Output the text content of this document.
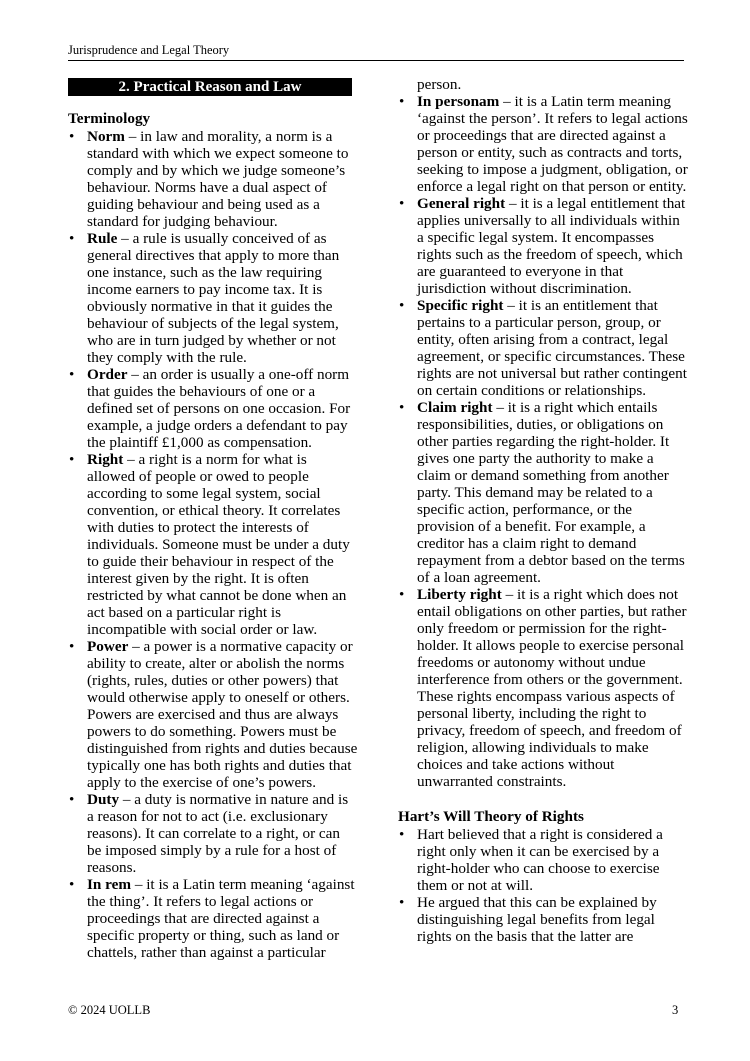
Jurisprudence and Legal Theory
2. Practical Reason and Law
Terminology
• Norm – in law and morality, a norm is a standard with which we expect someone to comply and by which we judge someone’s behaviour. Norms have a dual aspect of guiding behaviour and being used as a standard for judging behaviour.
• Rule – a rule is usually conceived of as general directives that apply to more than one instance, such as the law requiring income earners to pay income tax. It is obviously normative in that it guides the behaviour of subjects of the legal system, who are in turn judged by whether or not they comply with the rule.
• Order – an order is usually a one-off norm that guides the behaviours of one or a defined set of persons on one occasion. For example, a judge orders a defendant to pay the plaintiff £1,000 as compensation.
• Right – a right is a norm for what is allowed of people or owed to people according to some legal system, social convention, or ethical theory. It correlates with duties to protect the interests of individuals. Someone must be under a duty to guide their behaviour in respect of the interest given by the right. It is often restricted by what cannot be done when an act based on a particular right is incompatible with social order or law.
• Power – a power is a normative capacity or ability to create, alter or abolish the norms (rights, rules, duties or other powers) that would otherwise apply to oneself or others. Powers are exercised and thus are always powers to do something. Powers must be distinguished from rights and duties because typically one has both rights and duties that apply to the exercise of one’s powers.
• Duty – a duty is normative in nature and is a reason for not to act (i.e. exclusionary reasons). It can correlate to a right, or can be imposed simply by a rule for a host of reasons.
• In rem – it is a Latin term meaning ‘against the thing’. It refers to legal actions or proceedings that are directed against a specific property or thing, such as land or chattels, rather than against a particular
person.
• In personam – it is a Latin term meaning ‘against the person’. It refers to legal actions or proceedings that are directed against a person or entity, such as contracts and torts, seeking to impose a judgment, obligation, or enforce a legal right on that person or entity.
• General right – it is a legal entitlement that applies universally to all individuals within a specific legal system. It encompasses rights such as the freedom of speech, which are guaranteed to everyone in that jurisdiction without discrimination.
• Specific right – it is an entitlement that pertains to a particular person, group, or entity, often arising from a contract, legal agreement, or specific circumstances. These rights are not universal but rather contingent on certain conditions or relationships.
• Claim right – it is a right which entails responsibilities, duties, or obligations on other parties regarding the right-holder. It gives one party the authority to make a claim or demand something from another party. This demand may be related to a specific action, performance, or the provision of a benefit. For example, a creditor has a claim right to demand repayment from a debtor based on the terms of a loan agreement.
• Liberty right – it is a right which does not entail obligations on other parties, but rather only freedom or permission for the right-holder. It allows people to exercise personal freedoms or autonomy without undue interference from others or the government. These rights encompass various aspects of personal liberty, including the right to privacy, freedom of speech, and freedom of religion, allowing individuals to make choices and take actions without unwarranted constraints.
Hart’s Will Theory of Rights
• Hart believed that a right is considered a right only when it can be exercised by a right-holder who can choose to exercise them or not at will.
• He argued that this can be explained by distinguishing legal benefits from legal rights on the basis that the latter are
© 2024 UOLLB	3
